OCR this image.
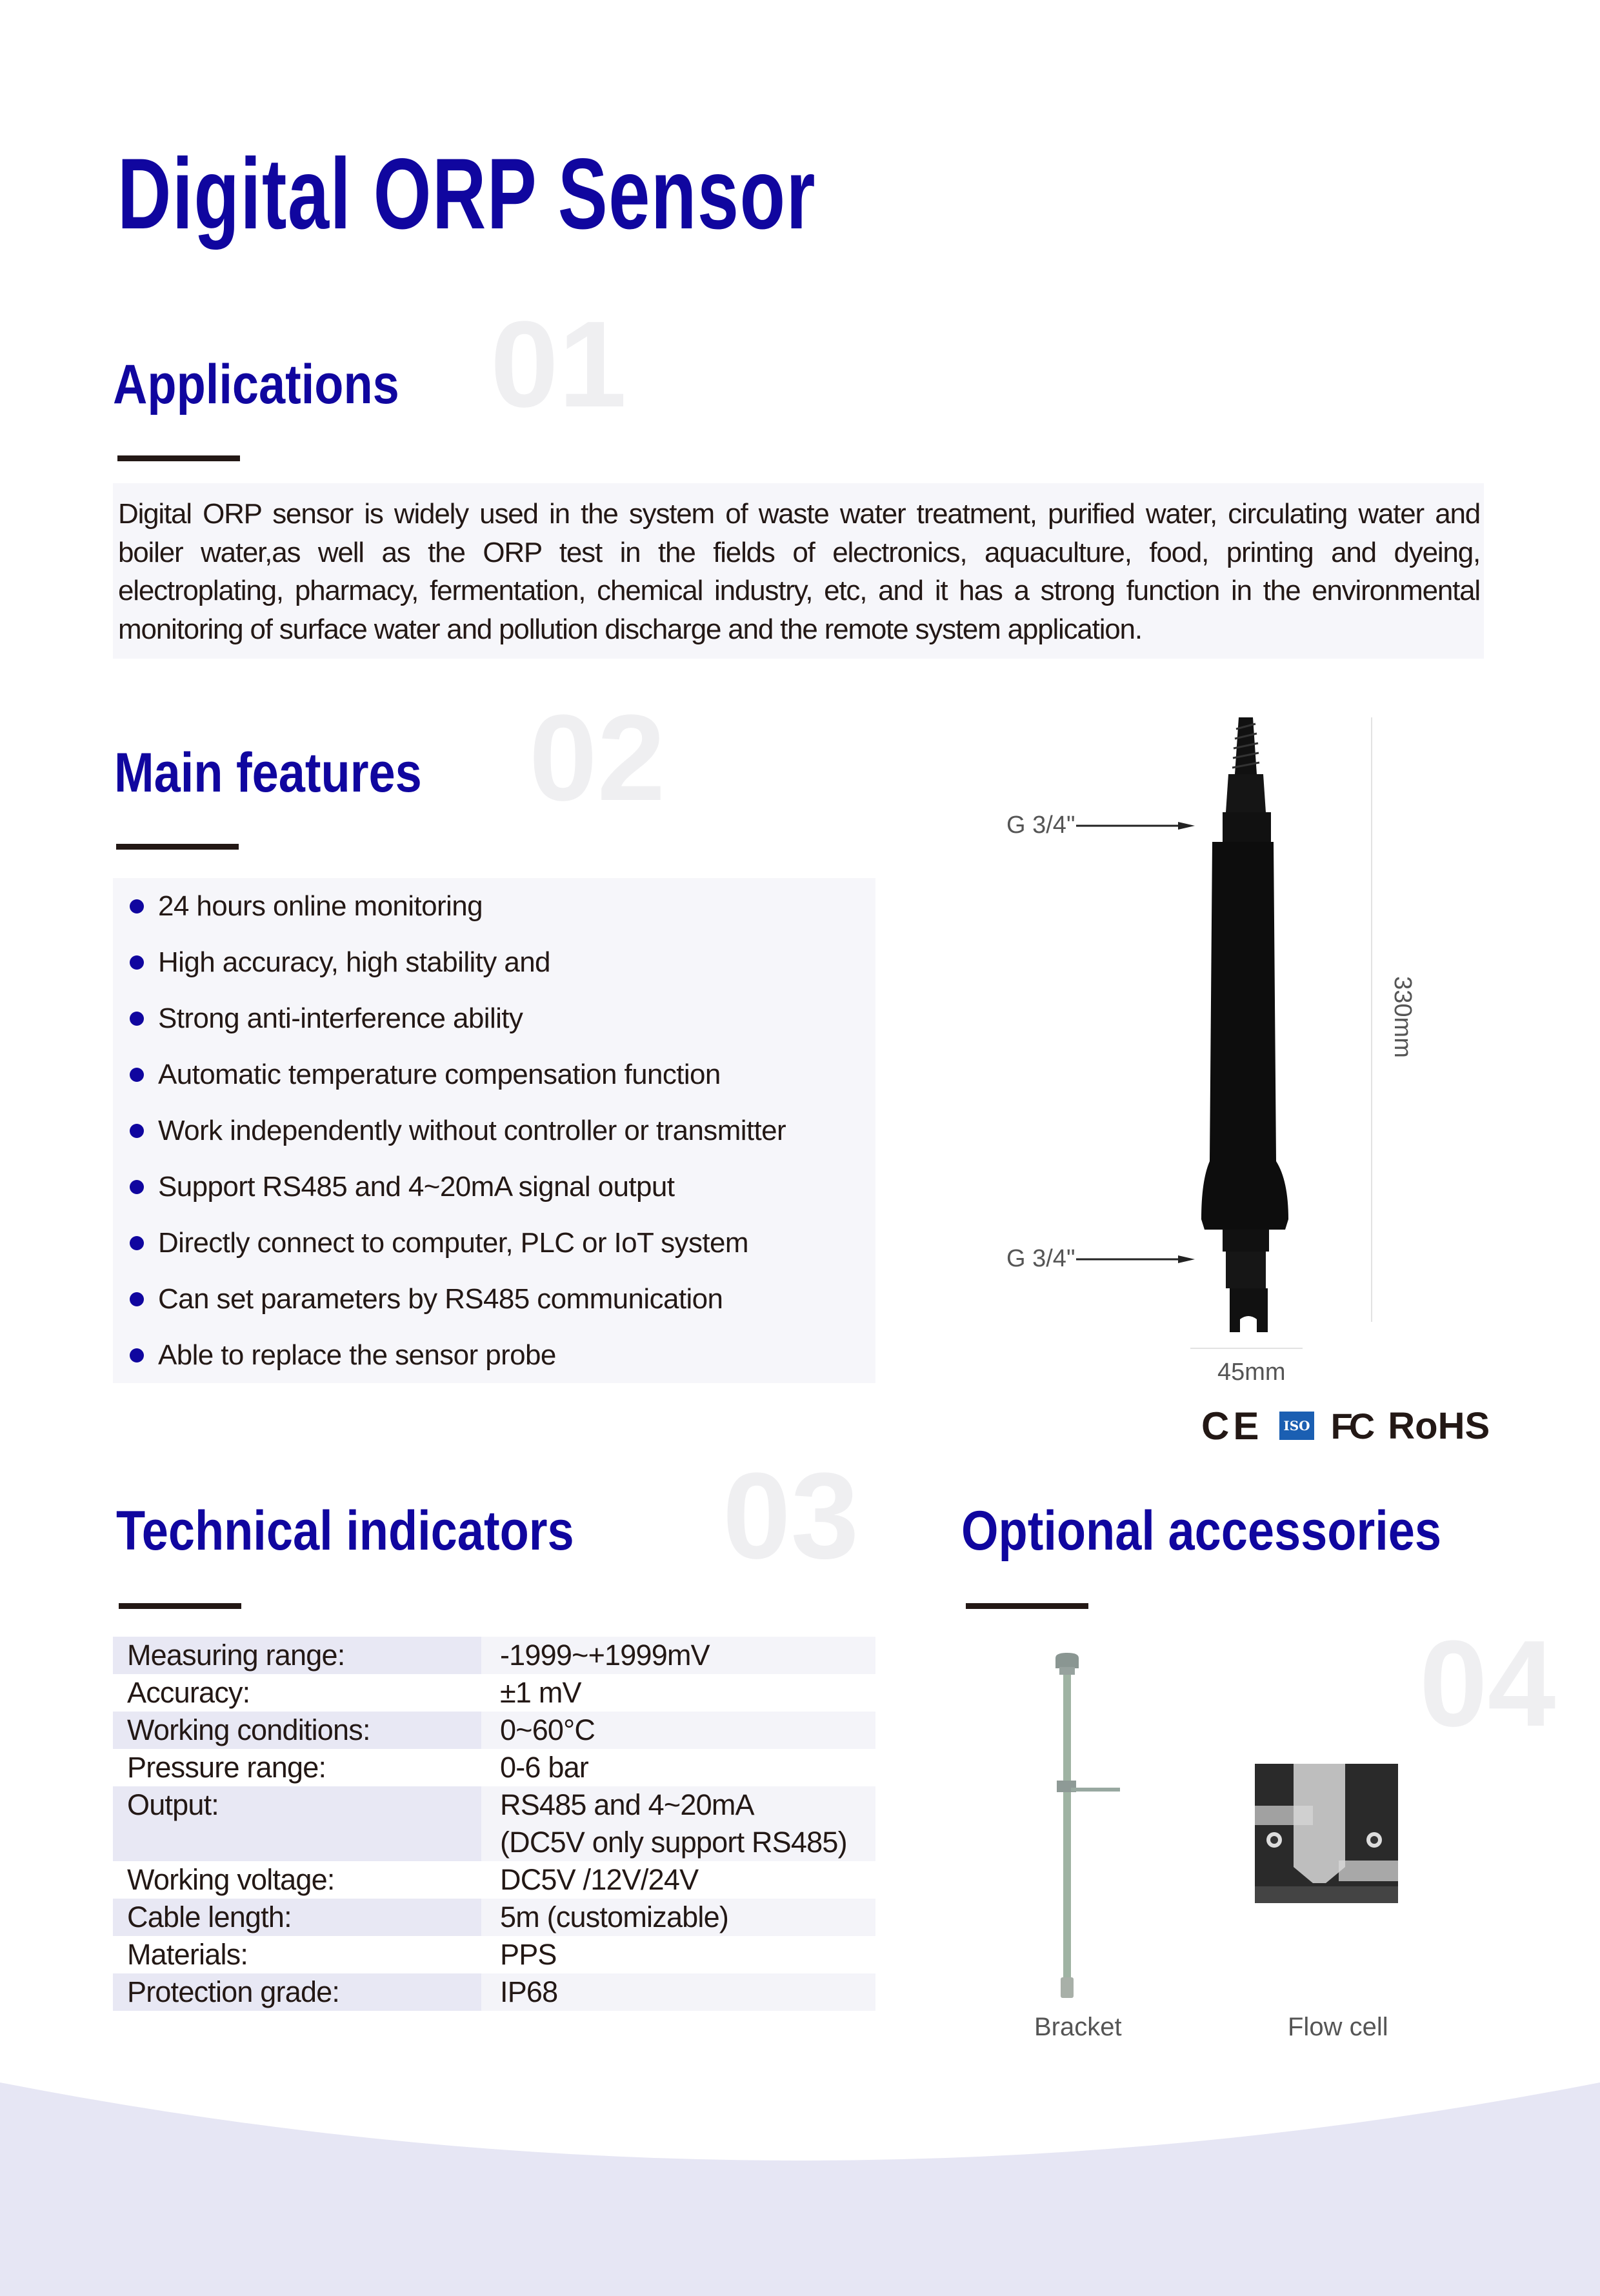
Digital ORP Sensor
01
Applications
Digital ORP sensor is widely used in the system of waste water treatment, purified water, circulating water and boiler water,as well as the ORP test in the fields of electronics, aquaculture, food, printing and dyeing, electroplating, pharmacy, fermentation, chemical industry, etc, and it has a strong function in the environmental monitoring of surface water and pollution discharge and the remote system application.
02
Main features
24 hours online monitoring
High accuracy, high stability and
Strong anti-interference ability
Automatic temperature compensation function
Work independently without controller or transmitter
Support RS485 and 4~20mA signal output
Directly connect to computer, PLC or IoT system
Can set parameters by RS485 communication
Able to replace the sensor probe
G 3/4"
G 3/4"
330mm
45mm
CE	ISO FC RoHS
03
Technical indicators
Measuring range:	-1999~+1999mV
Accuracy:	±1 mV
Working conditions:	0~60°C
Pressure range:	0-6 bar
Output:	RS485 and 4~20mA
(DC5V only support RS485)
Working voltage:	DC5V /12V/24V
Cable length:	5m (customizable)
Materials:	PPS
Protection grade:	IP68
04
Optional accessories
Bracket	Flow cell
